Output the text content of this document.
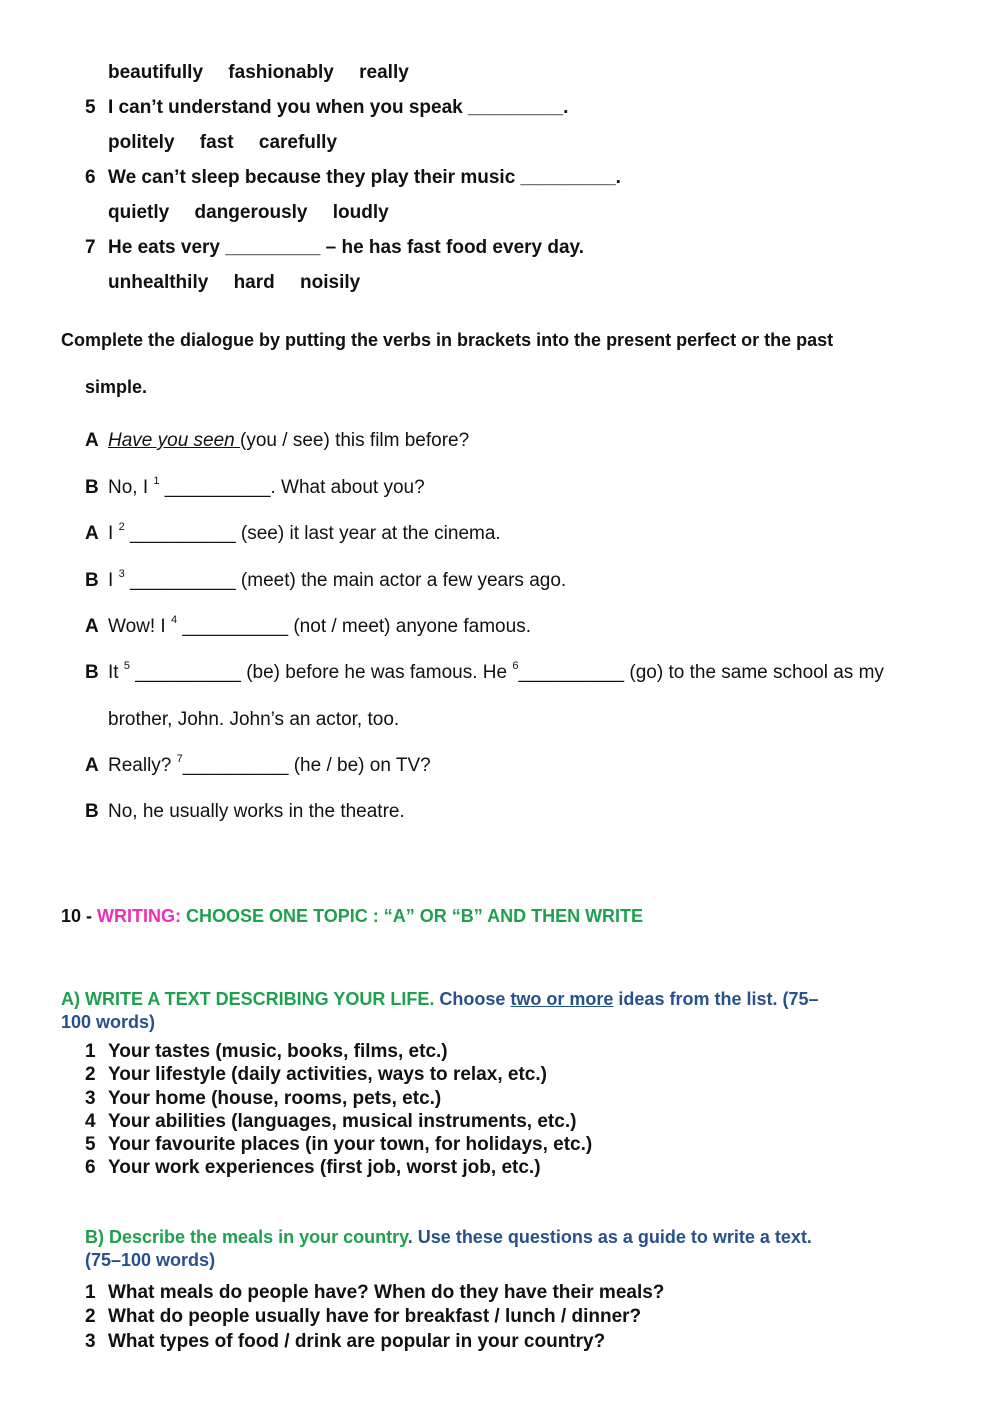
beautifully fashionably really
5 I can’t understand you when you speak _________.
politely fast carefully
6 We can’t sleep because they play their music _________.
quietly dangerously loudly
7 He eats very _________ – he has fast food every day.
unhealthily hard noisily
Complete the dialogue by putting the verbs in brackets into the present perfect or the past
simple.
A Have you seen (you / see) this film before?
B No, I $^1$ __________. What about you?
A I $^2$ __________ (see) it last year at the cinema.
B I $^3$ __________ (meet) the main actor a few years ago.
A Wow! I $^4$ __________ (not / meet) anyone famous.
B It $^5$ __________ (be) before he was famous. He $^6$__________ (go) to the same school as my
brother, John. John’s an actor, too.
A Really? $^7$__________ (he / be) on TV?
B No, he usually works in the theatre.
10 - WRITING: CHOOSE ONE TOPIC : “A” OR “B” AND THEN WRITE
A) WRITE A TEXT DESCRIBING YOUR LIFE. Choose two or more ideas from the list. (75–
100 words)
1 Your tastes (music, books, films, etc.)
2 Your lifestyle (daily activities, ways to relax, etc.)
3 Your home (house, rooms, pets, etc.)
4 Your abilities (languages, musical instruments, etc.)
5 Your favourite places (in your town, for holidays, etc.)
6 Your work experiences (first job, worst job, etc.)
B) Describe the meals in your country. Use these questions as a guide to write a text.
(75–100 words)
1 What meals do people have? When do they have their meals?
2 What do people usually have for breakfast / lunch / dinner?
3 What types of food / drink are popular in your country?
